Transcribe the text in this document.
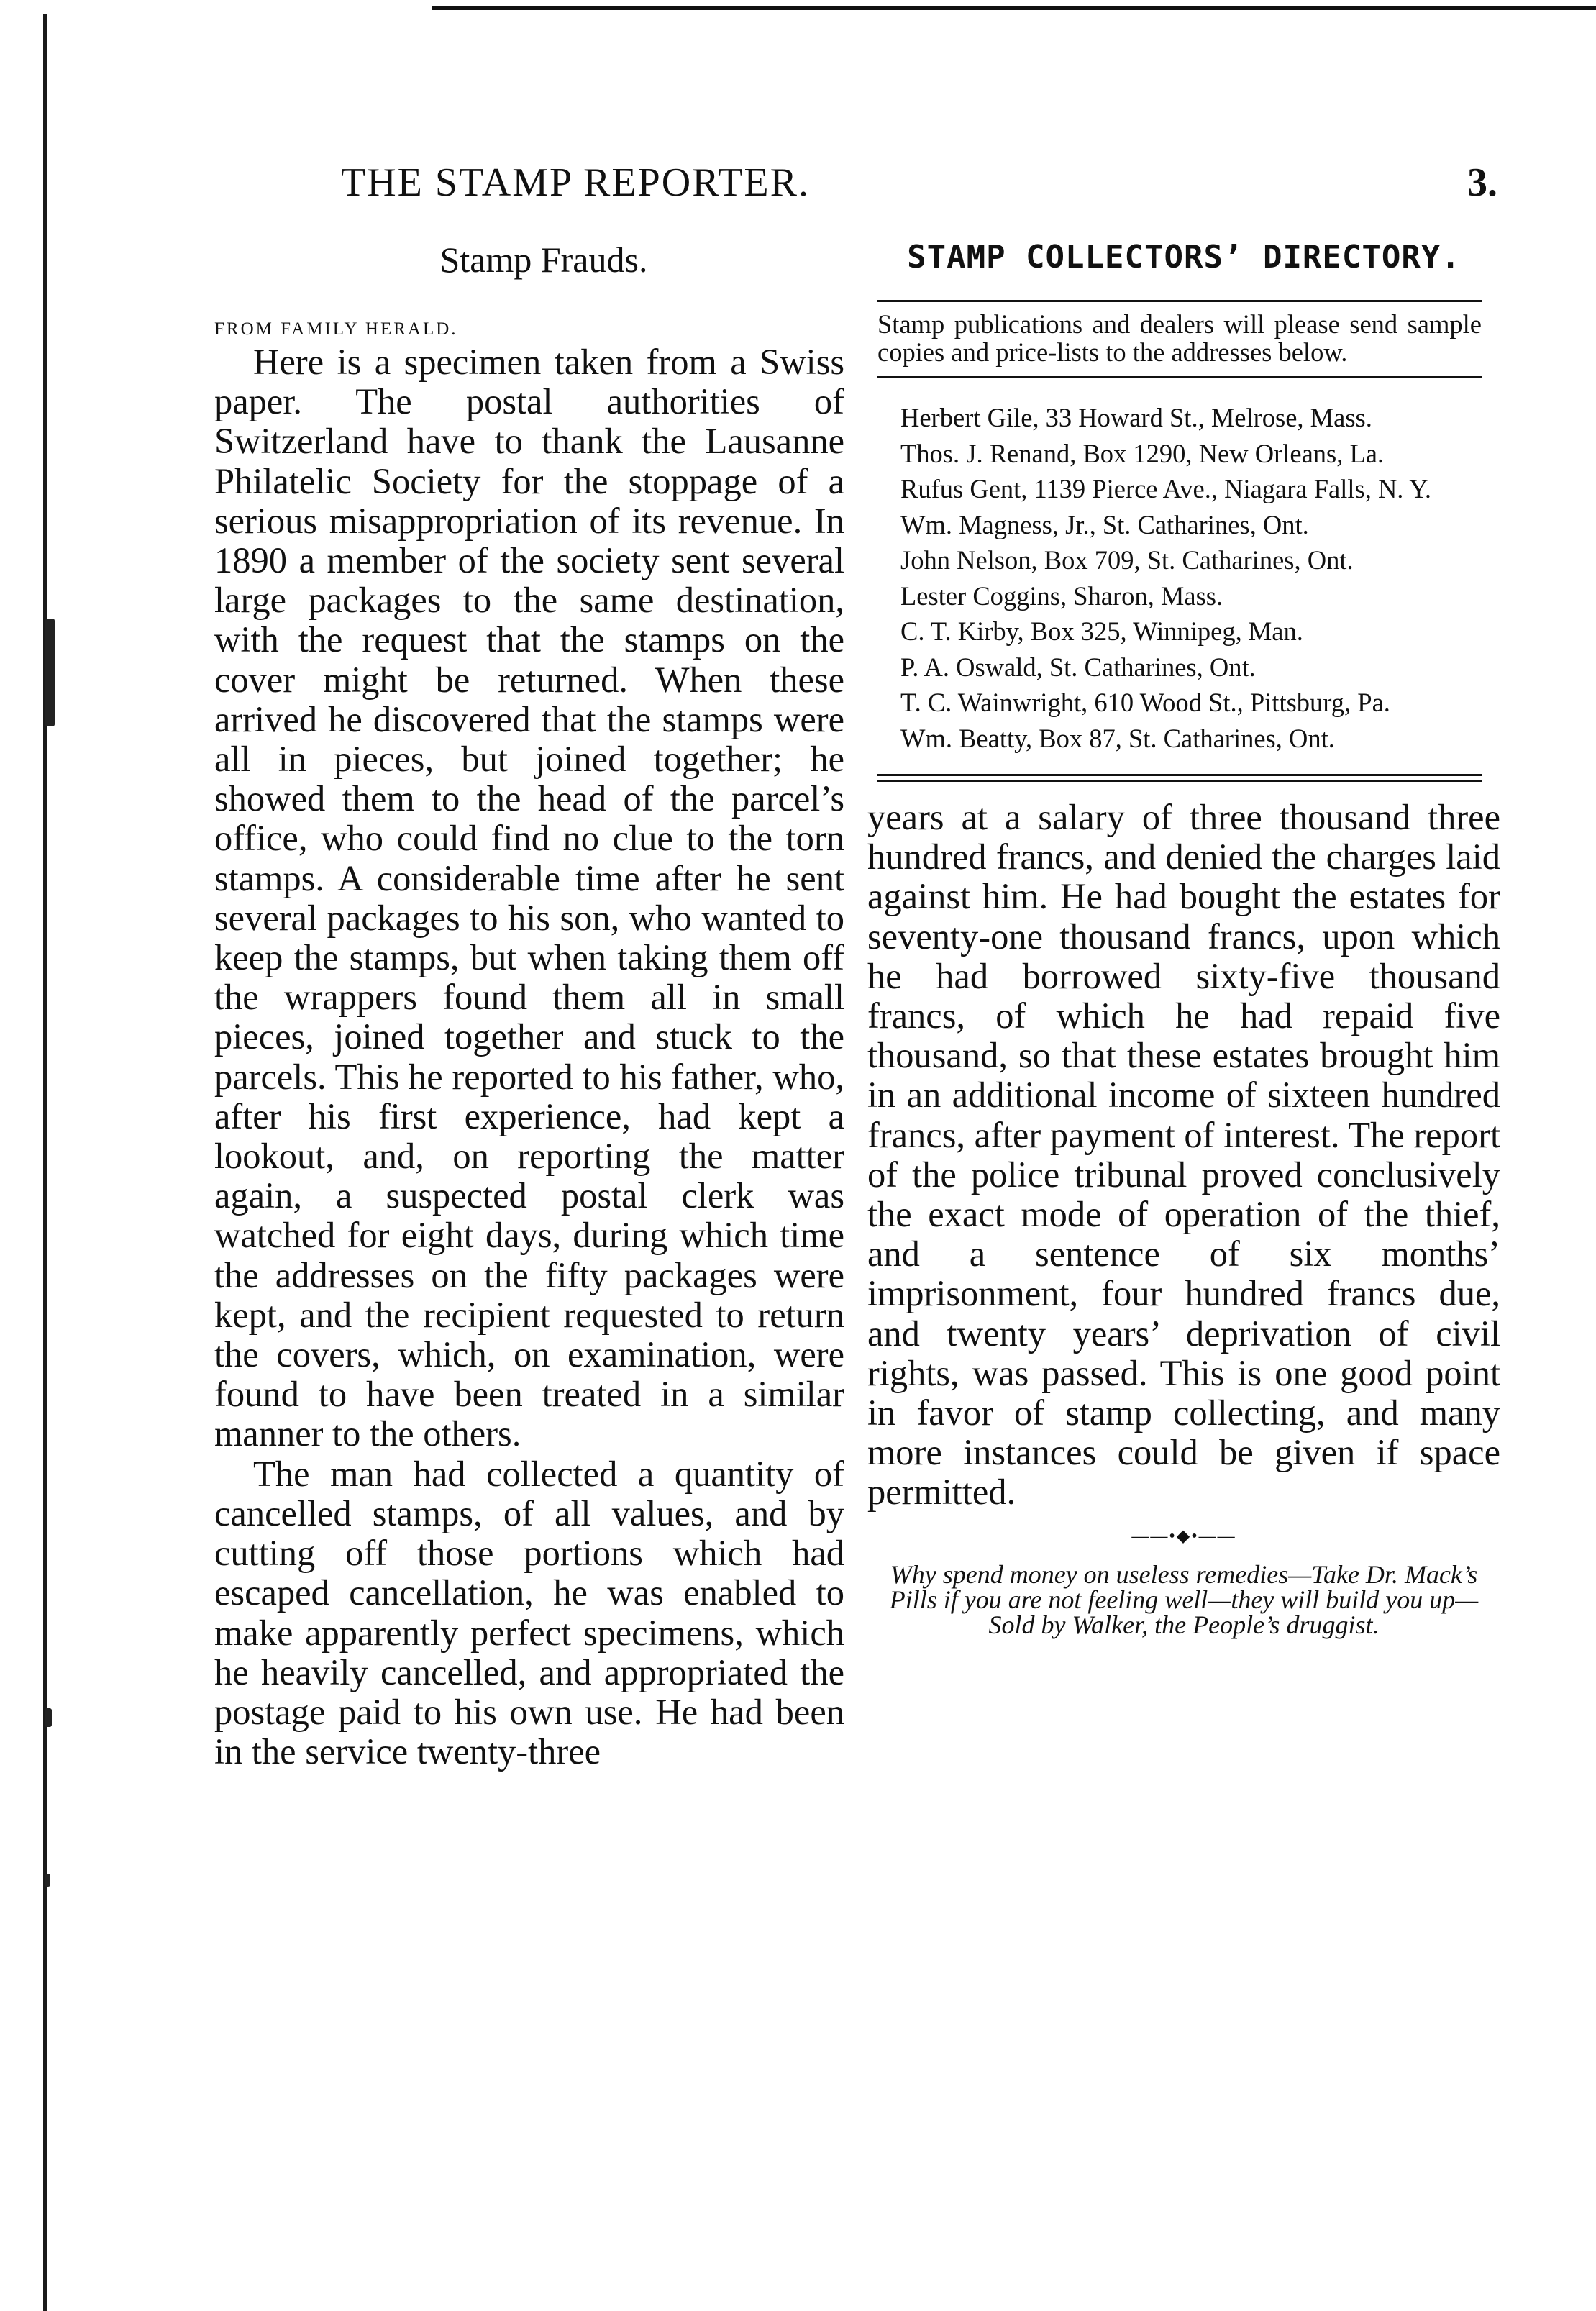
THE STAMP REPORTER.	3.
Stamp Frauds.
FROM FAMILY HERALD.

Here is a specimen taken from a Swiss paper. The postal authorities of Switzerland have to thank the Lausanne Philatelic Society for the stoppage of a serious misappropriation of its revenue. In 1890 a member of the society sent several large packages to the same destination, with the request that the stamps on the cover might be returned. When these arrived he discovered that the stamps were all in pieces, but joined together; he showed them to the head of the parcel’s office, who could find no clue to the torn stamps. A considerable time after he sent several packages to his son, who wanted to keep the stamps, but when taking them off the wrappers found them all in small pieces, joined together and stuck to the parcels. This he reported to his father, who, after his first experience, had kept a lookout, and, on reporting the matter again, a suspected postal clerk was watched for eight days, during which time the addresses on the fifty packages were kept, and the recipient requested to return the covers, which, on examination, were found to have been treated in a similar manner to the others.

The man had collected a quantity of cancelled stamps, of all values, and by cutting off those portions which had escaped cancellation, he was enabled to make apparently perfect specimens, which he heavily cancelled, and appropriated the postage paid to his own use. He had been in the service twenty-three

STAMP COLLECTORS’ DIRECTORY.
Stamp publications and dealers will please send sample copies and price-lists to the addresses below.
Herbert Gile, 33 Howard St., Melrose, Mass.
Thos. J. Renand, Box 1290, New Orleans, La.
Rufus Gent, 1139 Pierce Ave., Niagara Falls, N. Y.
Wm. Magness, Jr., St. Catharines, Ont.
John Nelson, Box 709, St. Catharines, Ont.
Lester Coggins, Sharon, Mass.
C. T. Kirby, Box 325, Winnipeg, Man.
P. A. Oswald, St. Catharines, Ont.
T. C. Wainwright, 610 Wood St., Pittsburg, Pa.
Wm. Beatty, Box 87, St. Catharines, Ont.

years at a salary of three thousand three hundred francs, and denied the charges laid against him. He had bought the estates for seventy-one thousand francs, upon which he had borrowed sixty-five thousand francs, of which he had repaid five thousand, so that these estates brought him in an additional income of sixteen hundred francs, after payment of interest. The report of the police tribunal proved conclusively the exact mode of operation of the thief, and a sentence of six months’ imprisonment, four hundred francs due, and twenty years’ deprivation of civil rights, was passed. This is one good point in favor of stamp collecting, and many more instances could be given if space permitted.

——•◆•——
Why spend money on useless remedies—Take Dr. Mack’s Pills if you are not feeling well—they will build you up—Sold by Walker, the People’s druggist.
